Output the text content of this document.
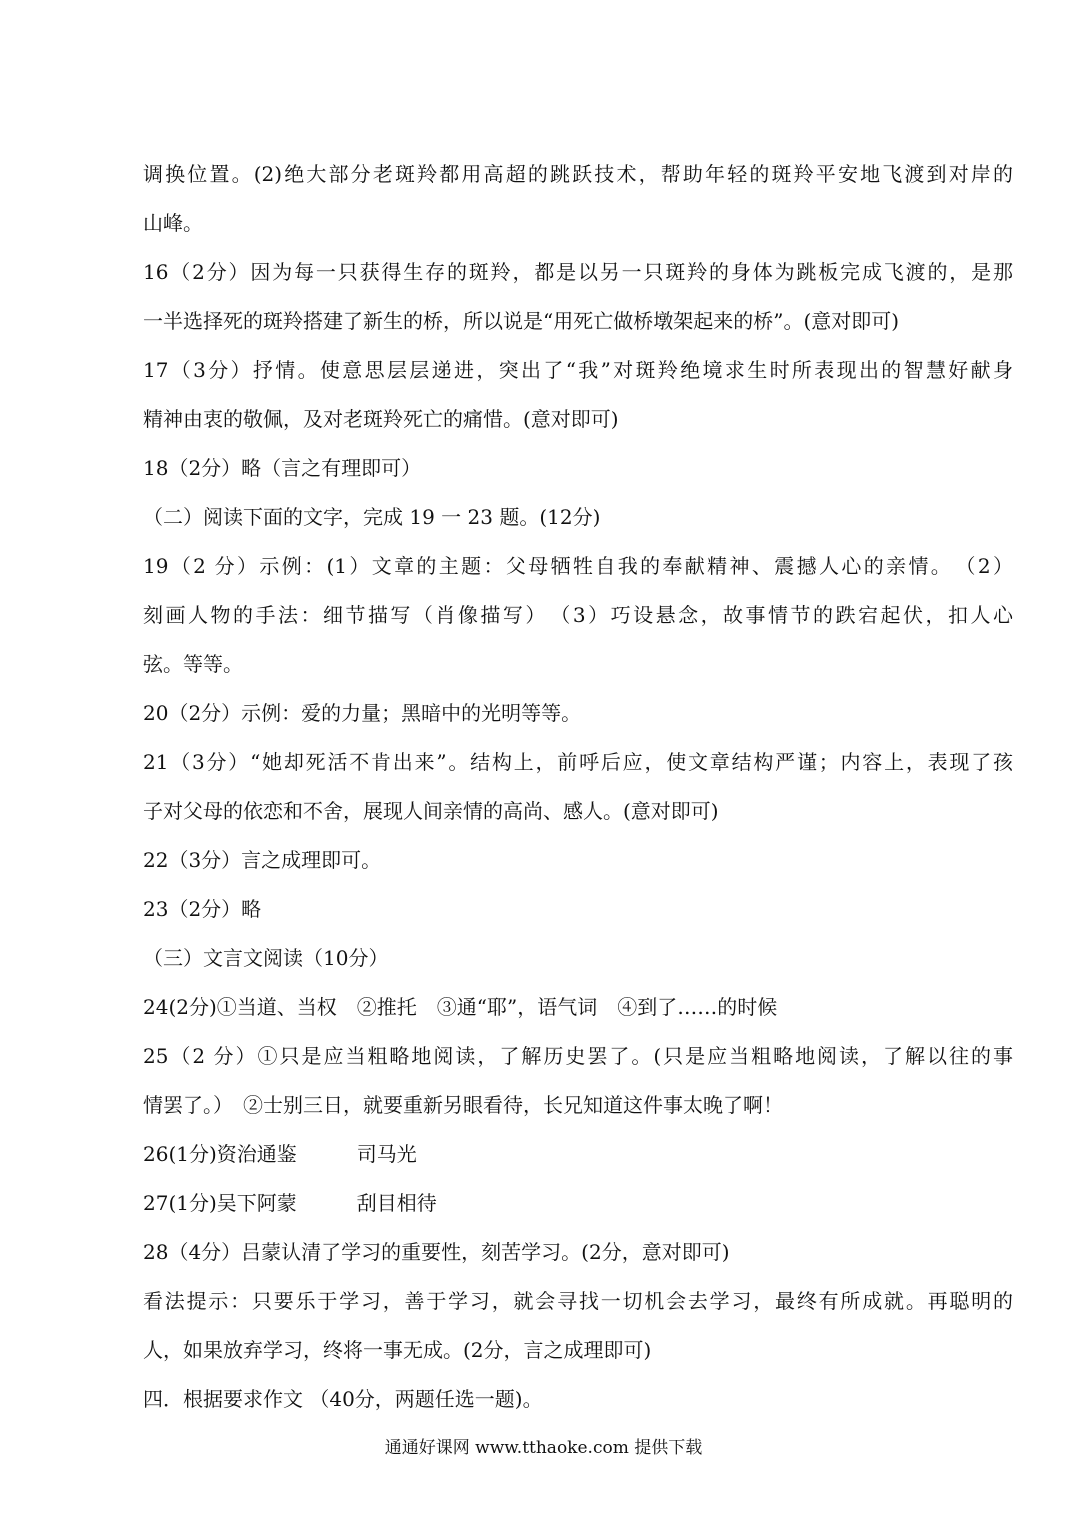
调换位置。(2)绝大部分老斑羚都用高超的跳跃技术，帮助年轻的斑羚平安地飞渡到对岸的
山峰。
16（2分）因为每一只获得生存的斑羚，都是以另一只斑羚的身体为跳板完成飞渡的，是那
一半选择死的斑羚搭建了新生的桥，所以说是“用死亡做桥墩架起来的桥”。(意对即可)
17（3分）抒情。使意思层层递进，突出了“我”对斑羚绝境求生时所表现出的智慧好献身
精神由衷的敬佩，及对老斑羚死亡的痛惜。(意对即可)
18（2分）略（言之有理即可）
（二）阅读下面的文字，完成 19 一 23 题。(12分)
19（2 分）示例：(1）文章的主题：父母牺牲自我的奉献精神、震撼人心的亲情。　（2）
刻画人物的手法：细节描写（肖像描写）　（3）巧设悬念，故事情节的跌宕起伏，扣人心
弦。等等。
20（2分）示例：爱的力量；黑暗中的光明等等。
21（3分）“她却死活不肯出来”。结构上，前呼后应，使文章结构严谨；内容上，表现了孩
子对父母的依恋和不舍，展现人间亲情的高尚、感人。(意对即可)
22（3分）言之成理即可。
23（2分）略
（三）文言文阅读（10分）
24(2分)①当道、当权　②推托　③通“耶”，语气词　④到了……的时候
25（2 分）①只是应当粗略地阅读，了解历史罢了。(只是应当粗略地阅读，了解以往的事
情罢了。）　②士别三日，就要重新另眼看待，长兄知道这件事太晚了啊！
26(1分)资治通鉴　　　司马光
27(1分)吴下阿蒙　　　刮目相待
28（4分）吕蒙认清了学习的重要性，刻苦学习。(2分，意对即可)
看法提示：只要乐于学习，善于学习，就会寻找一切机会去学习，最终有所成就。再聪明的
人，如果放弃学习，终将一事无成。(2分，言之成理即可)
四．根据要求作文 （40分，两题任选一题)。
通通好课网 www.tthaoke.com 提供下载
